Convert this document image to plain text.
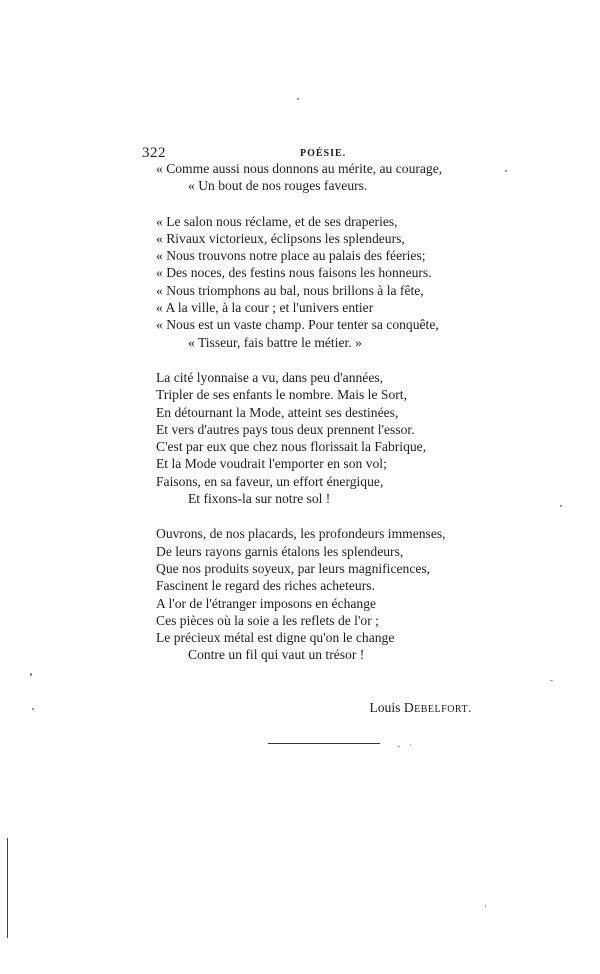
322	POÉSIE.
« Comme aussi nous donnons au mérite, au courage,
« Un bout de nos rouges faveurs.
« Le salon nous réclame, et de ses draperies,
« Rivaux victorieux, éclipsons les splendeurs,
« Nous trouvons notre place au palais des féeries;
« Des noces, des festins nous faisons les honneurs.
« Nous triomphons au bal, nous brillons à la fête,
« A la ville, à la cour ; et l'univers entier
« Nous est un vaste champ. Pour tenter sa conquête,
« Tisseur, fais battre le métier. »
La cité lyonnaise a vu, dans peu d'années,
Tripler de ses enfants le nombre. Mais le Sort,
En détournant la Mode, atteint ses destinées,
Et vers d'autres pays tous deux prennent l'essor.
C'est par eux que chez nous florissait la Fabrique,
Et la Mode voudrait l'emporter en son vol;
Faisons, en sa faveur, un effort énergique,
Et fixons-la sur notre sol !
Ouvrons, de nos placards, les profondeurs immenses,
De leurs rayons garnis étalons les splendeurs,
Que nos produits soyeux, par leurs magnificences,
Fascinent le regard des riches acheteurs.
A l'or de l'étranger imposons en échange
Ces pièces où la soie a les reflets de l'or ;
Le précieux métal est digne qu'on le change
Contre un fil qui vaut un trésor !
Louis Debelfort.
